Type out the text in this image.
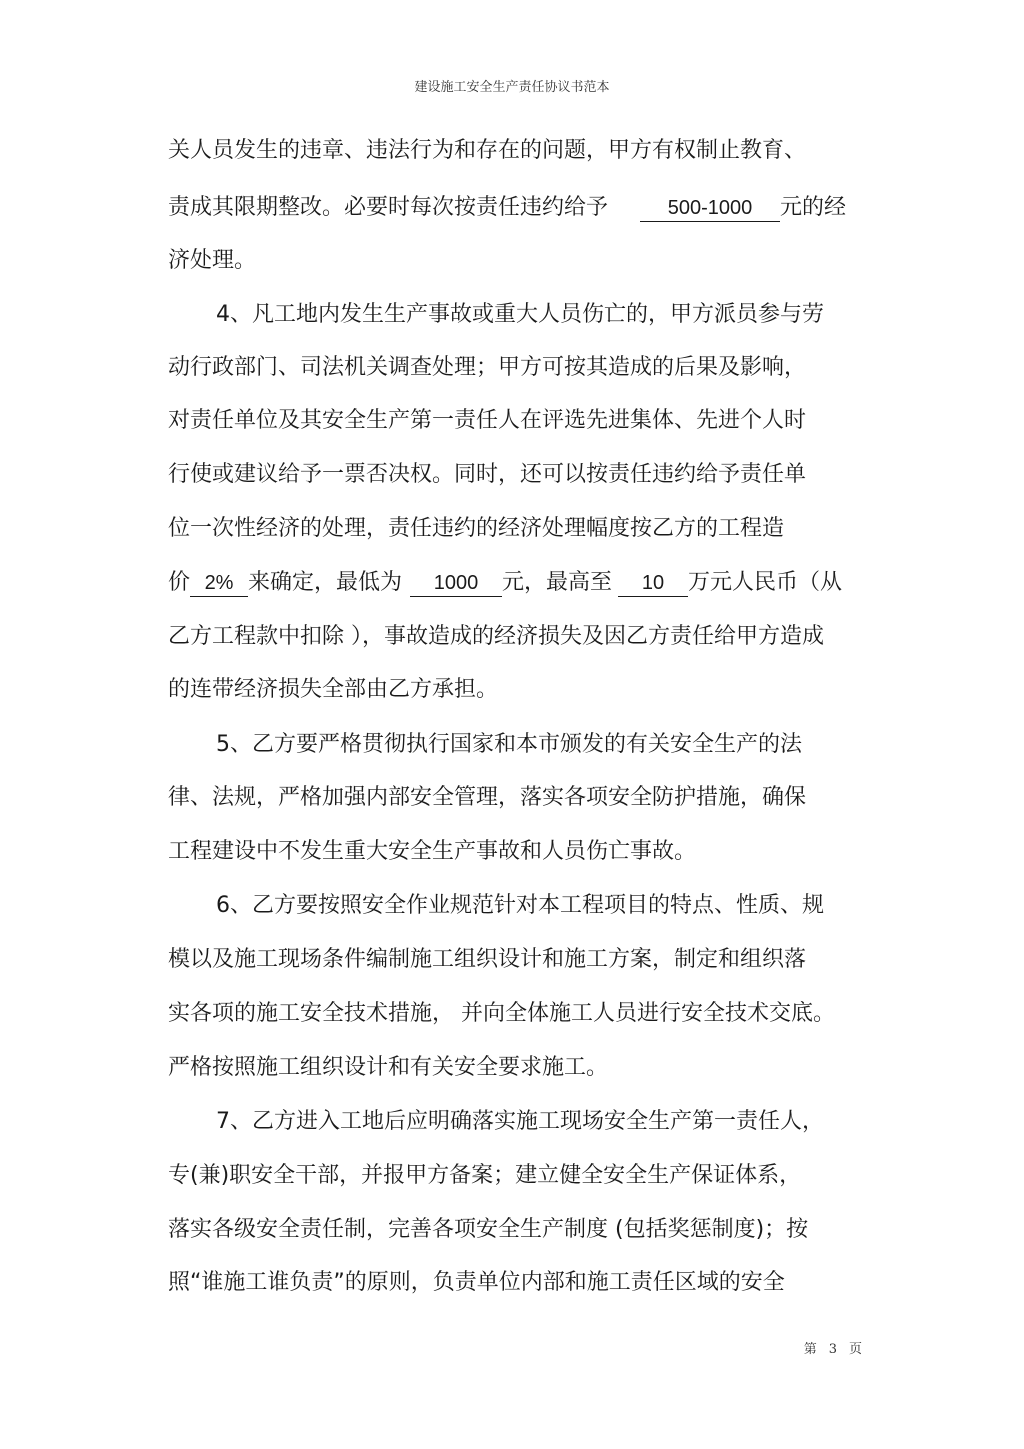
建设施工安全生产责任协议书范本
关人员发生的违章、违法行为和存在的问题，甲方有权制止教育、
责成其限期整改。必要时每次按责任违约给予	500-1000 元的经
济处理。
4、凡工地内发生生产事故或重大人员伤亡的，甲方派员参与劳
动行政部门、司法机关调查处理；甲方可按其造成的后果及影响，
对责任单位及其安全生产第一责任人在评选先进集体、先进个人时
行使或建议给予一票否决权。同时，还可以按责任违约给予责任单
位一次性经济的处理，责任违约的经济处理幅度按乙方的工程造
价 2% 来确定，最低为 1000 元，最高至 10 万元人民币（从
乙方工程款中扣除 ），事故造成的经济损失及因乙方责任给甲方造成
的连带经济损失全部由乙方承担。
5、乙方要严格贯彻执行国家和本市颁发的有关安全生产的法
律、法规，严格加强内部安全管理，落实各项安全防护措施，确保
工程建设中不发生重大安全生产事故和人员伤亡事故。
6、乙方要按照安全作业规范针对本工程项目的特点、性质、规
模以及施工现场条件编制施工组织设计和施工方案，制定和组织落
实各项的施工安全技术措施， 并向全体施工人员进行安全技术交底。
严格按照施工组织设计和有关安全要求施工。
7、乙方进入工地后应明确落实施工现场安全生产第一责任人，
专(兼)职安全干部，并报甲方备案；建立健全安全生产保证体系，
落实各级安全责任制，完善各项安全生产制度 (包括奖惩制度)；按
照“谁施工谁负责”的原则，负责单位内部和施工责任区域的安全
第 3 页
